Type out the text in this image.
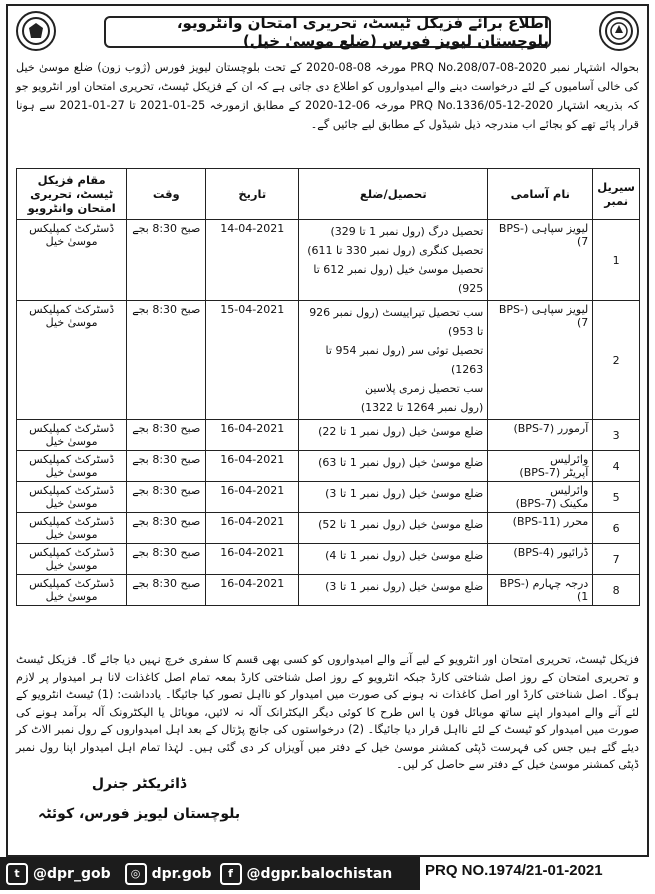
اطلاع برائے فزیکل ٹیسٹ، تحریری امتحان وانٹرویو، بلوچستان لیویز فورس (ضلع موسیٰ خیل)
بحوالہ اشتہار نمبر PRQ No.208/07-08-2020 مورخہ 08-08-2020 کے تحت بلوچستان لیویز فورس (ژوب زون) ضلع موسیٰ خیل کی خالی آسامیوں کے لئے درخواست دینے والے امیدواروں کو اطلاع دی جاتی ہے کہ ان کے فزیکل ٹیسٹ، تحریری امتحان اور انٹرویو جو کہ بذریعہ اشتہار PRQ No.1336/05-12-2020 مورخہ 06-12-2020 کے مطابق ازمورخہ 25-01-2021 تا 27-01-2021 سے ہونا قرار پائے تھے کو بجائے اب مندرجہ ذیل شیڈول کے مطابق لیے جائیں گے۔
سیریل نمبر	نام آسامی	تحصیل/ضلع	تاریخ	وقت	مقام فزیکل ٹیسٹ، تحریری امتحان وانٹرویو
1	لیویز سپاہی (BPS-7)	تحصیل درگ (رول نمبر 1 تا 329)
تحصیل کنگری (رول نمبر 330 تا 611)
تحصیل موسیٰ خیل (رول نمبر 612 تا 925)	14-04-2021	صبح 8:30 بجے	ڈسٹرکٹ کمپلیکس موسیٰ خیل
2	لیویز سپاہی (BPS-7)	سب تحصیل تیراییسٹ (رول نمبر 926 تا 953)
تحصیل توئی سر (رول نمبر 954 تا 1263)
سب تحصیل زمری پلاسین
(رول نمبر 1264 تا 1322)	15-04-2021	صبح 8:30 بجے	ڈسٹرکٹ کمپلیکس موسیٰ خیل
3	آرمورر (BPS-7)	ضلع موسیٰ خیل (رول نمبر 1 تا 22)	16-04-2021	صبح 8:30 بجے	ڈسٹرکٹ کمپلیکس موسیٰ خیل
4	وائرلیس
آپریٹر (BPS-7)	ضلع موسیٰ خیل (رول نمبر 1 تا 63)	16-04-2021	صبح 8:30 بجے	ڈسٹرکٹ کمپلیکس موسیٰ خیل
5	وائرلیس
مکینک (BPS-7)	ضلع موسیٰ خیل (رول نمبر 1 تا 3)	16-04-2021	صبح 8:30 بجے	ڈسٹرکٹ کمپلیکس موسیٰ خیل
6	محرر (BPS-11)	ضلع موسیٰ خیل (رول نمبر 1 تا 52)	16-04-2021	صبح 8:30 بجے	ڈسٹرکٹ کمپلیکس موسیٰ خیل
7	ڈرائیور (BPS-4)	ضلع موسیٰ خیل (رول نمبر 1 تا 4)	16-04-2021	صبح 8:30 بجے	ڈسٹرکٹ کمپلیکس موسیٰ خیل
8	درجہ چہارم (BPS-1)	ضلع موسیٰ خیل (رول نمبر 1 تا 3)	16-04-2021	صبح 8:30 بجے	ڈسٹرکٹ کمپلیکس موسیٰ خیل
فزیکل ٹیسٹ، تحریری امتحان اور انٹرویو کے لیے آنے والے امیدواروں کو کسی بھی قسم کا سفری خرچ نہیں دیا جائے گا۔ فزیکل ٹیسٹ و تحریری امتحان کے روز اصل شناختی کارڈ جبکہ انٹرویو کے روز اصل شناختی کارڈ بمعہ تمام اصل کاغذات لانا ہر امیدوار پر لازم ہوگا۔ اصل شناختی کارڈ اور اصل کاغذات نہ ہونے کی صورت میں امیدوار کو نااہل تصور کیا جائیگا۔ یادداشت: (1) ٹیسٹ انٹرویو کے لئے آنے والے امیدوار اپنے ساتھ موبائل فون یا اس طرح کا کوئی دیگر الیکٹرانک آلہ نہ لائیں، موبائل یا الیکٹرونک آلہ برآمد ہونے کی صورت میں امیدوار کو ٹیسٹ کے لئے نااہل قرار دیا جائیگا۔ (2) درخواستوں کی جانچ پڑتال کے بعد اہل امیدواروں کے رول نمبر الاٹ کر دیئے گئے ہیں جس کی فہرست ڈپٹی کمشنر موسیٰ خیل کے دفتر میں آویزاں کر دی گئی ہیں۔ لہٰذا تمام اہل امیدوار اپنا رول نمبر ڈپٹی کمشنر موسیٰ خیل کے دفتر سے حاصل کر لیں۔
ڈائریکٹر جنرل
بلوچستان لیویز فورس، کوئٹہ
t @dpr_gob	◎ dpr.gob	f @dgpr.balochistan PRQ NO.1974/21-01-2021
